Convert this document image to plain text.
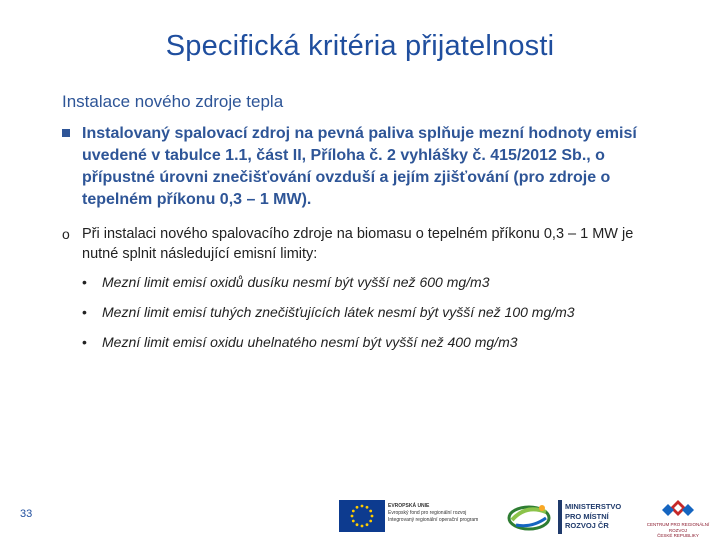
Specifická kritéria přijatelnosti
Instalace nového zdroje tepla
Instalovaný spalovací zdroj na pevná paliva splňuje mezní hodnoty emisí uvedené v tabulce 1.1, část II, Příloha č. 2 vyhlášky č. 415/2012 Sb., o přípustné úrovni znečišťování ovzduší a jejím zjišťování (pro zdroje o tepelném příkonu 0,3 – 1 MW).
o Při instalaci nového spalovacího zdroje na biomasu o tepelném příkonu 0,3 – 1 MW je nutné splnit následující emisní limity:
• Mezní limit emisí oxidů dusíku nesmí být vyšší než 600 mg/m3
• Mezní limit emisí tuhých znečišťujících látek nesmí být vyšší než 100 mg/m3
• Mezní limit emisí oxidu uhelnatého nesmí být vyšší než 400 mg/m3
33
EVROPSKÁ UNIE
Evropský fond pro regionální rozvoj
Integrovaný regionální operační program
MINISTERSTVO
PRO MÍSTNÍ
ROZVOJ ČR	CENTRUM PRO REGIONÁLNÍ ROZVOJ
ČESKÉ REPUBLIKY
